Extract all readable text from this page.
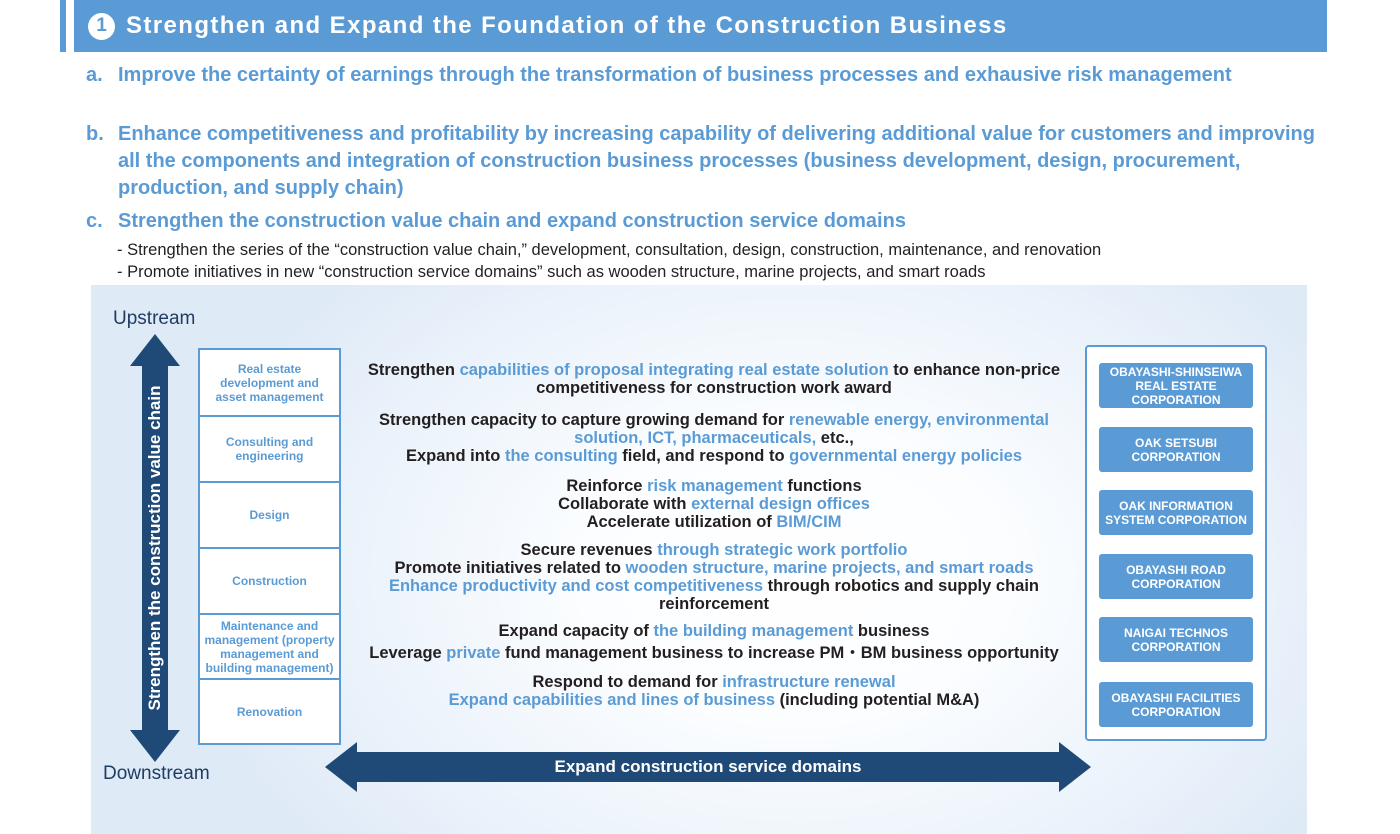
1 Strengthen and Expand the Foundation of the Construction Business
a. Improve the certainty of earnings through the transformation of business processes and exhausive risk management
b. Enhance competitiveness and profitability by increasing capability of delivering additional value for customers and improving all the components and integration of construction business processes (business development, design, procurement, production, and supply chain)
c. Strengthen the construction value chain and expand construction service domains
- Strengthen the series of the “construction value chain,” development, consultation, design, construction, maintenance, and renovation
- Promote initiatives in new “construction service domains” such as wooden structure, marine projects, and smart roads
Upstream
Strengthen the construction value chain
Downstream
Real estate development and asset management
Consulting and engineering
Design
Construction
Maintenance and management (property management and building management)
Renovation
Strengthen capabilities of proposal integrating real estate solution to enhance non-price competitiveness for construction work award
Strengthen capacity to capture growing demand for renewable energy, environmental solution, ICT, pharmaceuticals, etc.,
Expand into the consulting field, and respond to governmental energy policies
Reinforce risk management functions
Collaborate with external design offices
Accelerate utilization of BIM/CIM
Secure revenues through strategic work portfolio
Promote initiatives related to wooden structure, marine projects, and smart roads
Enhance productivity and cost competitiveness through robotics and supply chain reinforcement
Expand capacity of the building management business
Leverage private fund management business to increase PM・BM business opportunity
Respond to demand for infrastructure renewal
Expand capabilities and lines of business (including potential M&A)
Expand construction service domains
OBAYASHI-SHINSEIWA REAL ESTATE CORPORATION
OAK SETSUBI CORPORATION
OAK INFORMATION SYSTEM CORPORATION
OBAYASHI ROAD CORPORATION
NAIGAI TECHNOS CORPORATION
OBAYASHI FACILITIES CORPORATION
